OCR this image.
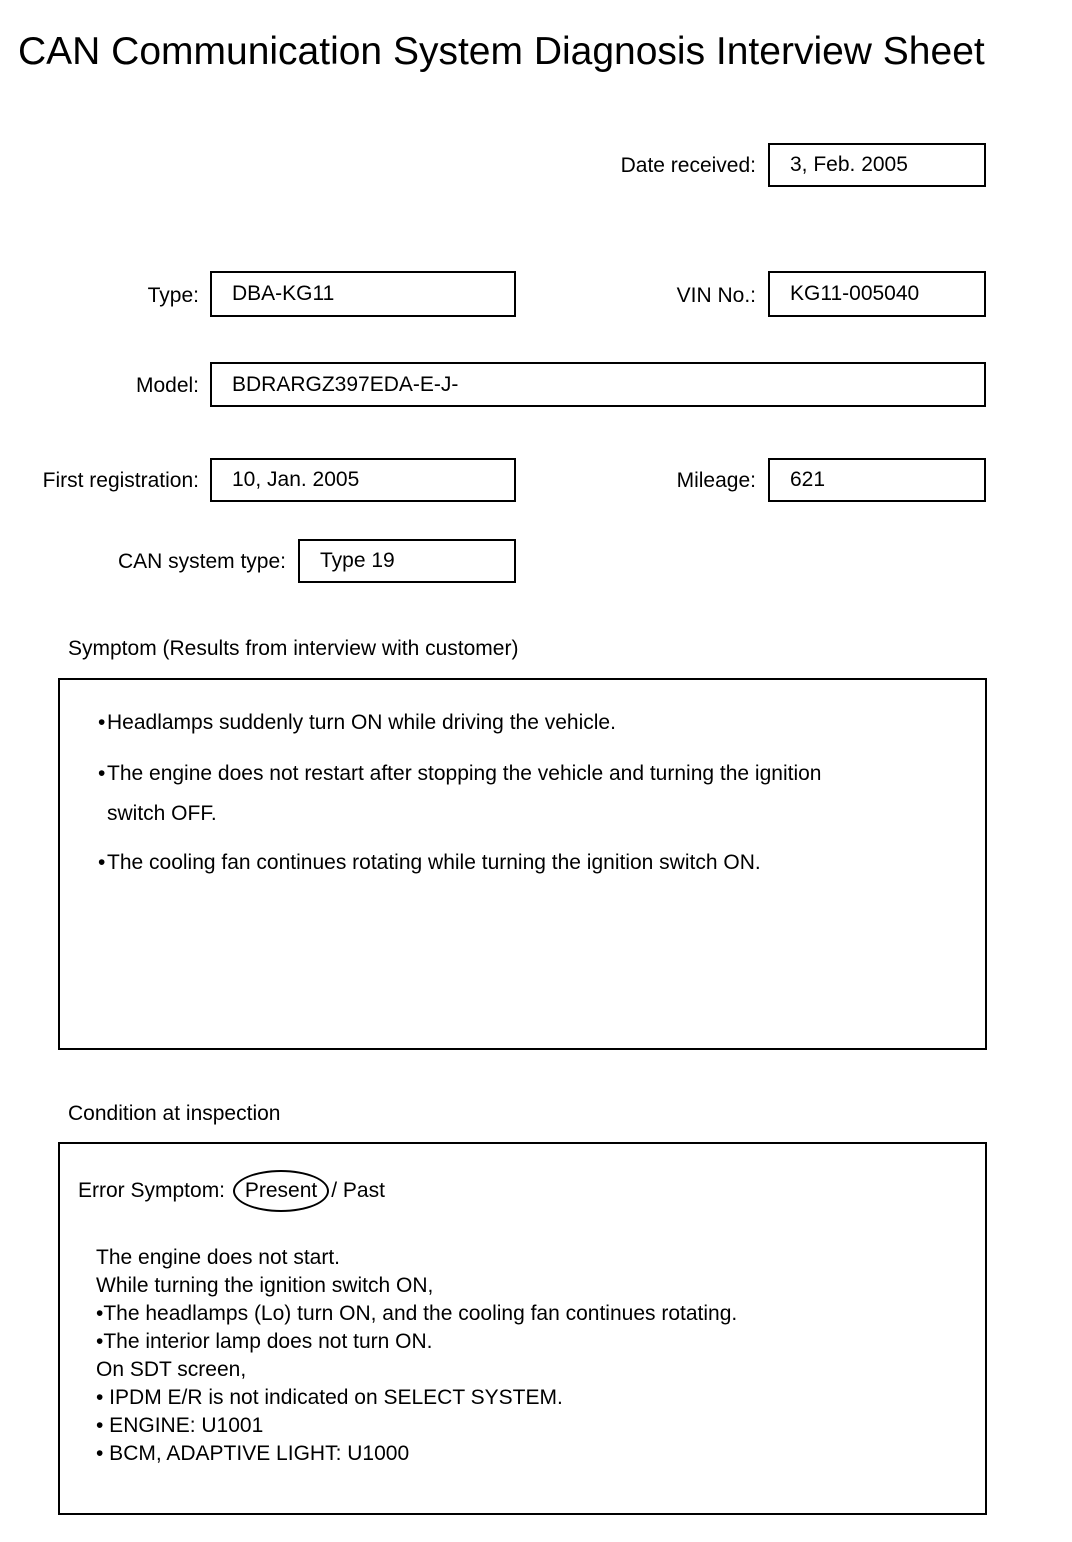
CAN Communication System Diagnosis Interview Sheet
Date received:	3, Feb. 2005
Type:	DBA-KG11	VIN No.:	KG11-005040
Model:	BDRARGZ397EDA-E-J-
First registration:	10, Jan. 2005	Mileage:	621
CAN system type:	Type 19
Symptom (Results from interview with customer)
•Headlamps suddenly turn ON while driving the vehicle.
•The engine does not restart after stopping the vehicle and turning the ignition
switch OFF.
•The cooling fan continues rotating while turning the ignition switch ON.
Condition at inspection
Error Symptom: Present / Past
The engine does not start.
While turning the ignition switch ON,
•The headlamps (Lo) turn ON, and the cooling fan continues rotating.
•The interior lamp does not turn ON.
On SDT screen,
• IPDM E/R is not indicated on SELECT SYSTEM.
• ENGINE: U1001
• BCM, ADAPTIVE LIGHT: U1000
